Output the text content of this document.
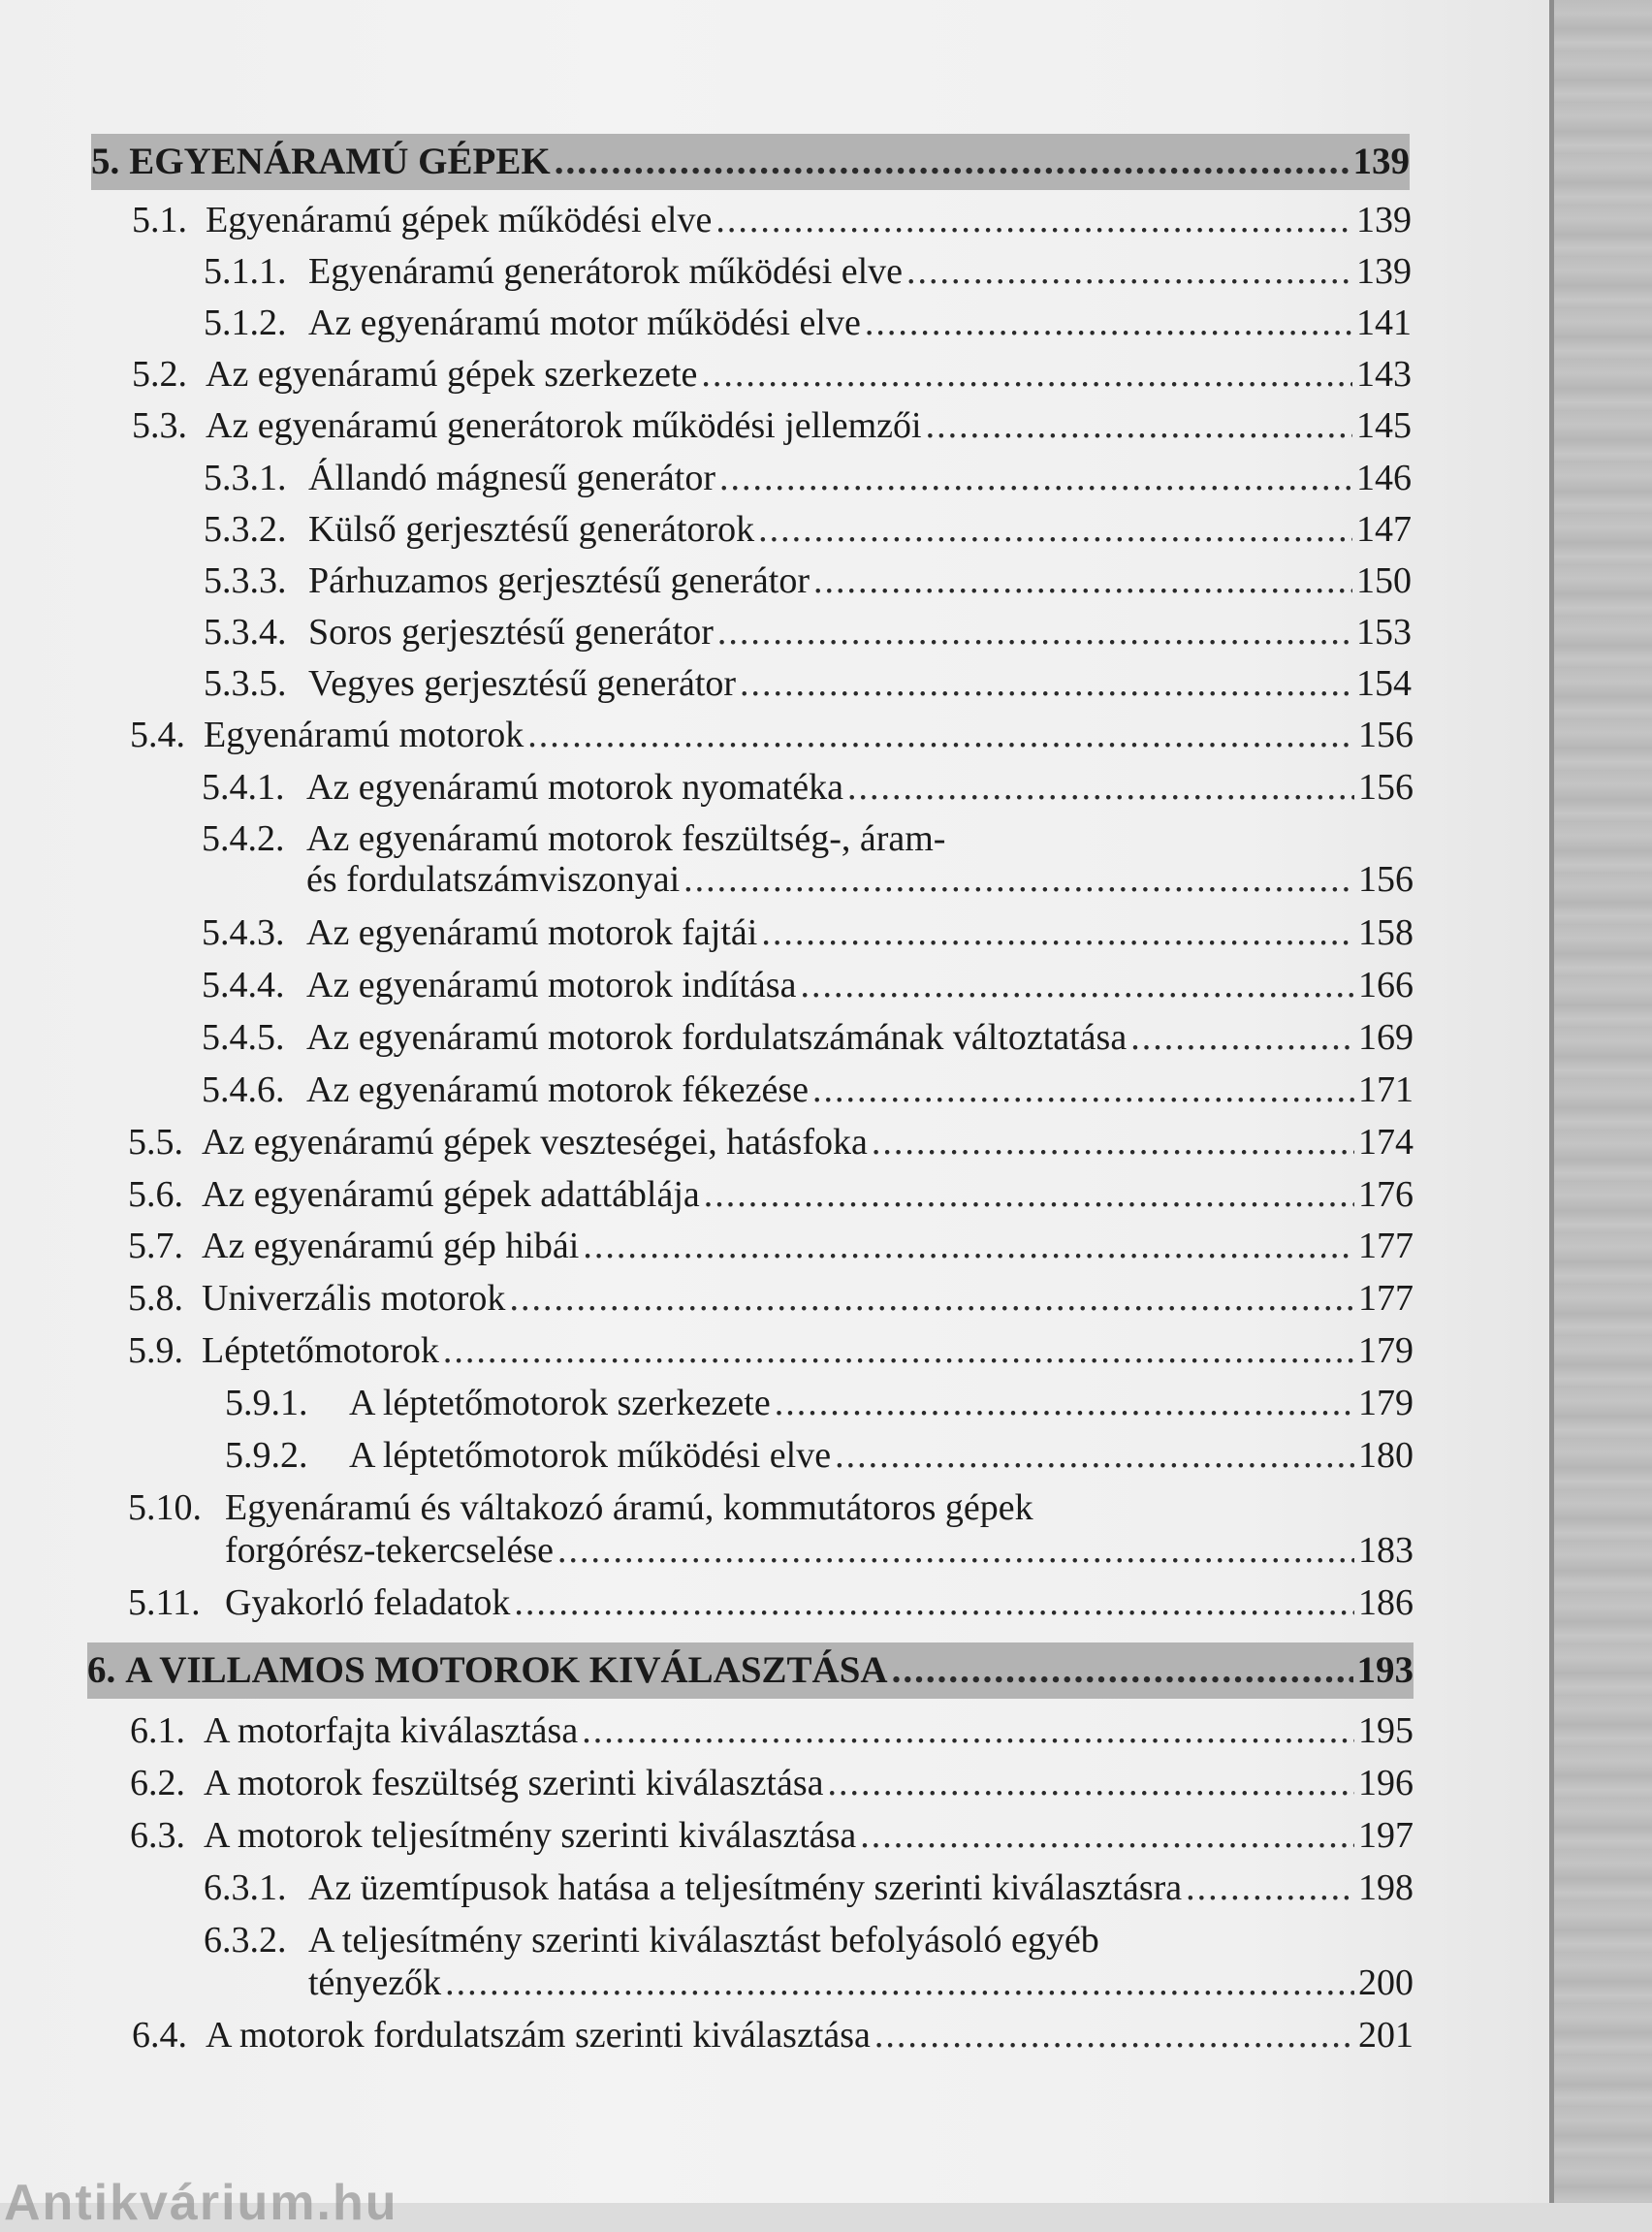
5. EGYENÁRAMÚ GÉPEK .....	139
5.1. Egyenáramú gépek működési elve .....	139
5.1.1. Egyenáramú generátorok működési elve .....	139
5.1.2. Az egyenáramú motor működési elve .....	141
5.2. Az egyenáramú gépek szerkezete .....	143
5.3. Az egyenáramú generátorok működési jellemzői .....	145
5.3.1. Állandó mágnesű generátor .....	146
5.3.2. Külső gerjesztésű generátorok .....	147
5.3.3. Párhuzamos gerjesztésű generátor .....	150
5.3.4. Soros gerjesztésű generátor .....	153
5.3.5. Vegyes gerjesztésű generátor .....	154
5.4. Egyenáramú motorok .....	156
5.4.1. Az egyenáramú motorok nyomatéka .....	156
5.4.2. Az egyenáramú motorok feszültség-, áram-
és fordulatszámviszonyai .....	156
5.4.3. Az egyenáramú motorok fajtái .....	158
5.4.4. Az egyenáramú motorok indítása .....	166
5.4.5. Az egyenáramú motorok fordulatszámának változtatása .....	169
5.4.6. Az egyenáramú motorok fékezése .....	171
5.5. Az egyenáramú gépek veszteségei, hatásfoka .....	174
5.6. Az egyenáramú gépek adattáblája .....	176
5.7. Az egyenáramú gép hibái .....	177
5.8. Univerzális motorok .....	177
5.9. Léptetőmotorok .....	179
5.9.1.	A léptetőmotorok szerkezete .....	179
5.9.2.	A léptetőmotorok működési elve .....	180
5.10. Egyenáramú és váltakozó áramú, kommutátoros gépek
forgórész-tekercselése .....	183
5.11. Gyakorló feladatok .....	186
6. A VILLAMOS MOTOROK KIVÁLASZTÁSA .....	193
6.1. A motorfajta kiválasztása .....	195
6.2. A motorok feszültség szerinti kiválasztása .....	196
6.3. A motorok teljesítmény szerinti kiválasztása .....	197
6.3.1. Az üzemtípusok hatása a teljesítmény szerinti kiválasztásra .....	198
6.3.2. A teljesítmény szerinti kiválasztást befolyásoló egyéb
tényezők .....	200
6.4. A motorok fordulatszám szerinti kiválasztása .....	201
Antikvárium.hu
